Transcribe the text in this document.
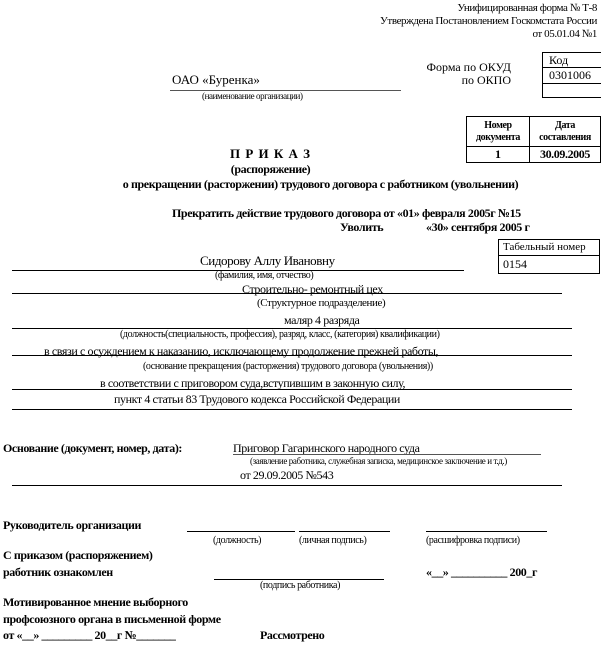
Унифицированная форма № Т-8
Утверждена Постановлением Госкомстата России
от 05.01.04 №1
Форма по ОКУД
по ОКПО
Код
0301006
ОАО «Буренка»
(наименование организации)
Номер документа
Дата составления
1	30.09.2005
П Р И К А З
(распоряжение)
о прекращении (расторжении) трудового договора с работником (увольнении)
Прекратить действие трудового договора от «01» февраля 2005г №15
Уволить	«30» сентября 2005 г
Табельный номер
0154
Сидорову Аллу Ивановну
(фамилия, имя, отчество)
Строительно- ремонтный цех
(Структурное подразделение)
маляр 4 разряда
(должность(специальность, профессия), разряд, класс, (категория) квалификации)
в связи с осуждением к наказанию, исключающему продолжение прежней работы,
(основание прекращения (расторжения) трудового договора (увольнения))
в соответствии с приговором суда,вступившим в законную силу,
пункт 4 статьи 83 Трудового кодекса Российской Федерации
Основание (документ, номер, дата):	Приговор Гагаринского народного суда
(заявление работника, служебная записка, медицинское заключение и т.д.)
от 29.09.2005 №543
Руководитель организации
(должность)	(личная подпись)	(расшифровка подписи)
С приказом (распоряжением)
работник ознакомлен
(подпись работника)
«__» __________ 200_г
Мотивированное мнение выборного
профсоюзного органа в письменной форме
от «__» _________ 20__г №_______	Рассмотрено
